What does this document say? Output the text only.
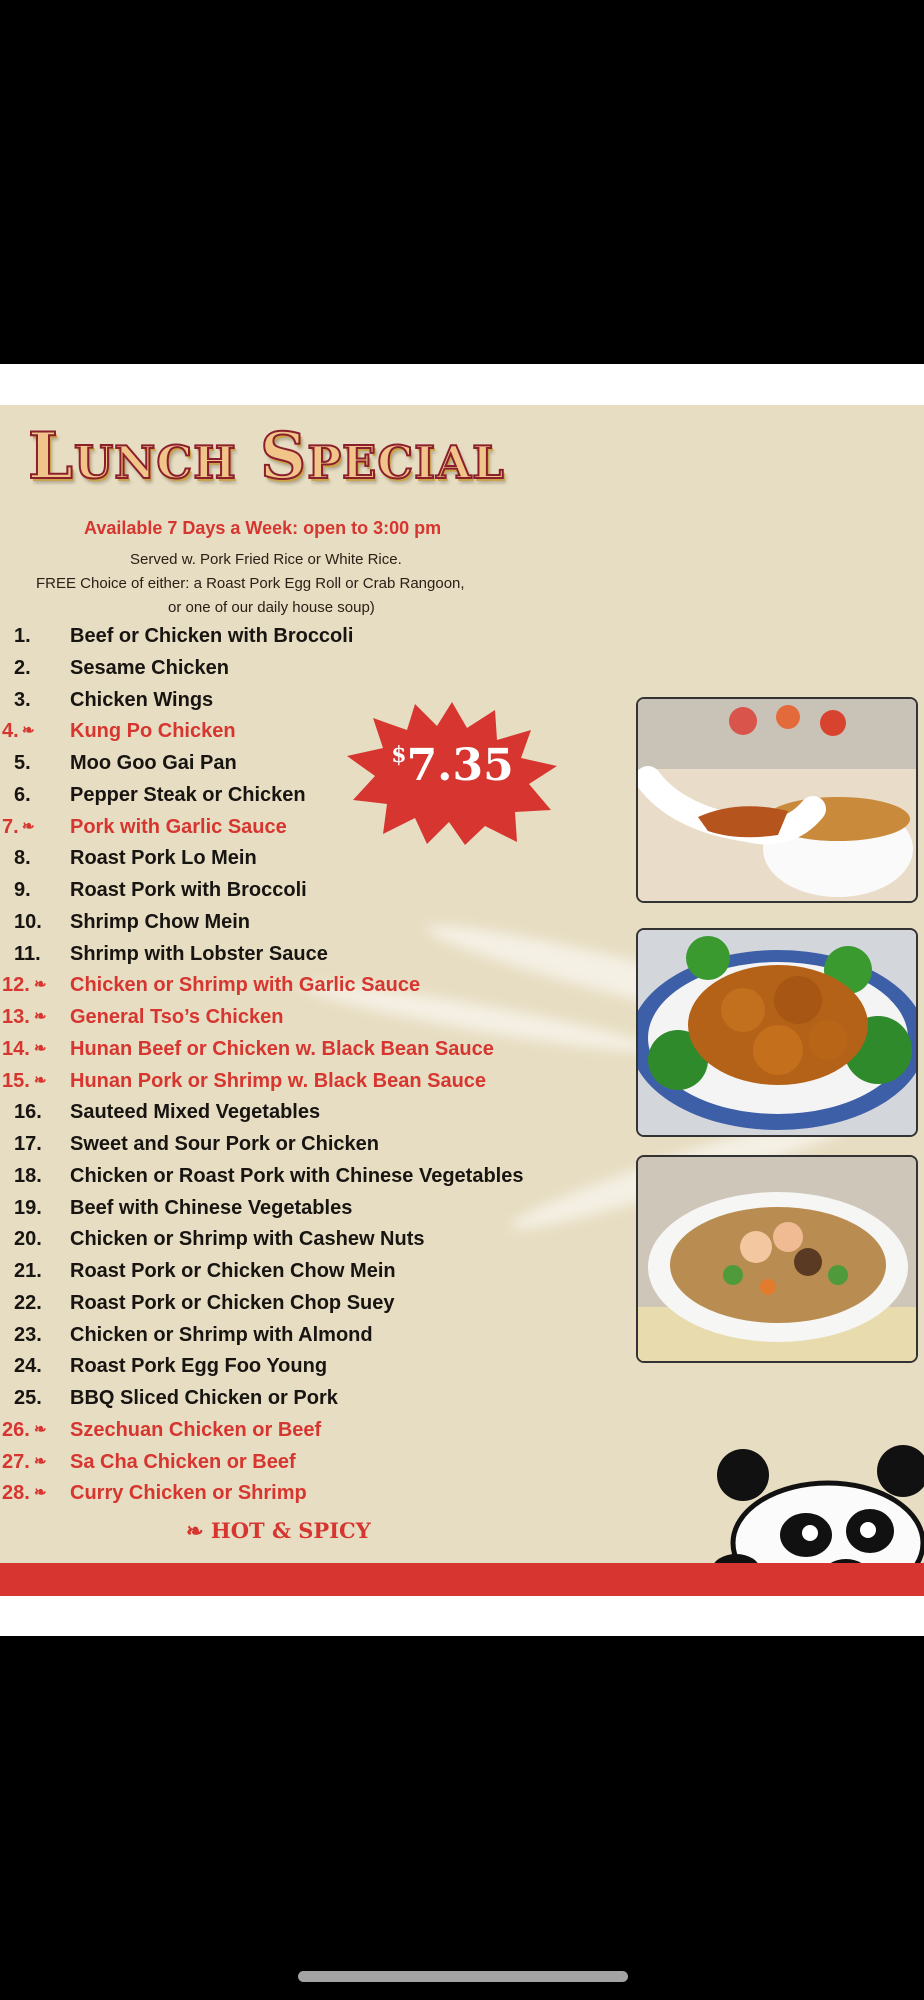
Lunch Special
Available 7 Days a Week: open to 3:00 pm
Served w. Pork Fried Rice or White Rice.
FREE Choice of either: a Roast Pork Egg Roll or Crab Rangoon,
or one of our daily house soup)
1. Beef or Chicken with Broccoli
2. Sesame Chicken
3. Chicken Wings
4. ❧ Kung Po Chicken
5. Moo Goo Gai Pan
6. Pepper Steak or Chicken
7. ❧ Pork with Garlic Sauce
8. Roast Pork Lo Mein
9. Roast Pork with Broccoli
10. Shrimp Chow Mein
11. Shrimp with Lobster Sauce
12. ❧ Chicken or Shrimp with Garlic Sauce
13. ❧ General Tso’s Chicken
14. ❧ Hunan Beef or Chicken w. Black Bean Sauce
15. ❧ Hunan Pork or Shrimp w. Black Bean Sauce
16. Sauteed Mixed Vegetables
17. Sweet and Sour Pork or Chicken
18. Chicken or Roast Pork with Chinese Vegetables
19. Beef with Chinese Vegetables
20. Chicken or Shrimp with Cashew Nuts
21. Roast Pork or Chicken Chow Mein
22. Roast Pork or Chicken Chop Suey
23. Chicken or Shrimp with Almond
24. Roast Pork Egg Foo Young
25. BBQ Sliced Chicken or Pork
26. ❧ Szechuan Chicken or Beef
27. ❧ Sa Cha Chicken or Beef
28. ❧ Curry Chicken or Shrimp
$7.35
❧ HOT & SPICY
